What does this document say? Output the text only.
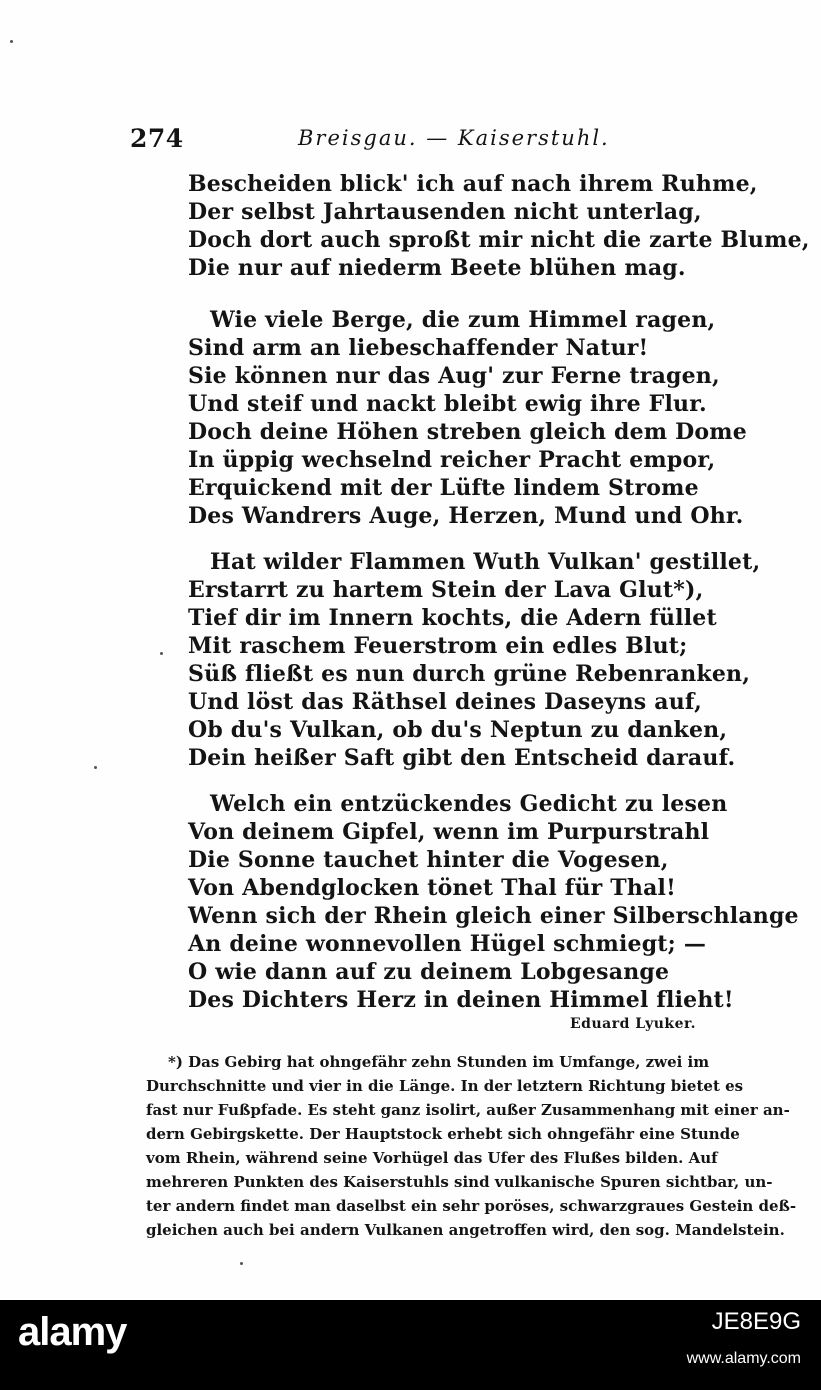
274	Breisgau. — Kaiserstuhl.
Bescheiden blick' ich auf nach ihrem Ruhme,
Der selbst Jahrtausenden nicht unterlag,
Doch dort auch sproßt mir nicht die zarte Blume,
Die nur auf niederm Beete blühen mag.
Wie viele Berge, die zum Himmel ragen,
Sind arm an liebeschaffender Natur!
Sie können nur das Aug' zur Ferne tragen,
Und steif und nackt bleibt ewig ihre Flur.
Doch deine Höhen streben gleich dem Dome
In üppig wechselnd reicher Pracht empor,
Erquickend mit der Lüfte lindem Strome
Des Wandrers Auge, Herzen, Mund und Ohr.
Hat wilder Flammen Wuth Vulkan' gestillet,
Erstarrt zu hartem Stein der Lava Glut*),
Tief dir im Innern kochts, die Adern füllet
Mit raschem Feuerstrom ein edles Blut;
Süß fließt es nun durch grüne Rebenranken,
Und löst das Räthsel deines Daseyns auf,
Ob du's Vulkan, ob du's Neptun zu danken,
Dein heißer Saft gibt den Entscheid darauf.
Welch ein entzückendes Gedicht zu lesen
Von deinem Gipfel, wenn im Purpurstrahl
Die Sonne tauchet hinter die Vogesen,
Von Abendglocken tönet Thal für Thal!
Wenn sich der Rhein gleich einer Silberschlange
An deine wonnevollen Hügel schmiegt; —
O wie dann auf zu deinem Lobgesange
Des Dichters Herz in deinen Himmel flieht!
Eduard Lyuker.
*) Das Gebirg hat ohngefähr zehn Stunden im Umfange, zwei im
Durchschnitte und vier in die Länge. In der letztern Richtung bietet es
fast nur Fußpfade. Es steht ganz isolirt, außer Zusammenhang mit einer an-
dern Gebirgskette. Der Hauptstock erhebt sich ohngefähr eine Stunde
vom Rhein, während seine Vorhügel das Ufer des Flußes bilden. Auf
mehreren Punkten des Kaiserstuhls sind vulkanische Spuren sichtbar, un-
ter andern findet man daselbst ein sehr poröses, schwarzgraues Gestein deß-
gleichen auch bei andern Vulkanen angetroffen wird, den sog. Mandelstein.
alamy	JE8E9G
www.alamy.com
